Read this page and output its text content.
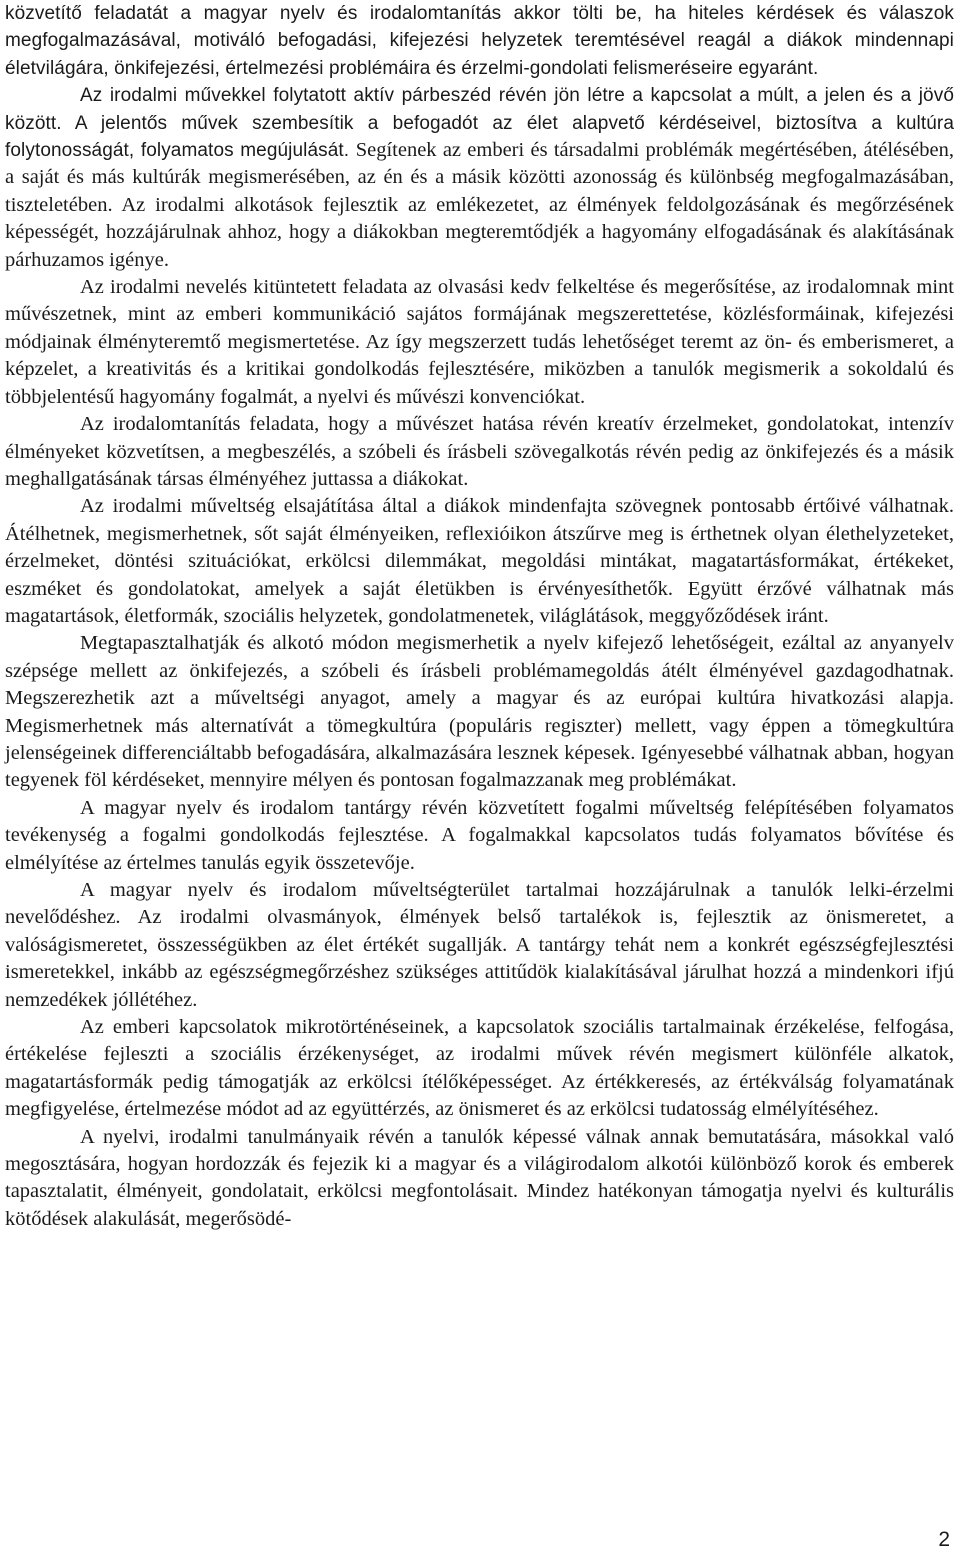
közvetítő feladatát a magyar nyelv és irodalomtanítás akkor tölti be, ha hiteles kérdések és válaszok megfogalmazásával, motiváló befogadási, kifejezési helyzetek teremtésével reagál a diákok mindennapi életvilágára, önkifejezési, értelmezési problémáira és érzelmi-gondolati felismeréseire egyaránt.

Az irodalmi művekkel folytatott aktív párbeszéd révén jön létre a kapcsolat a múlt, a jelen és a jövő között. A jelentős művek szembesítik a befogadót az élet alapvető kérdéseivel, biztosítva a kultúra folytonosságát, folyamatos megújulását. Segítenek az emberi és társadalmi problémák megértésében, átélésében, a saját és más kultúrák megismerésében, az én és a másik közötti azonosság és különbség megfogalmazásában, tiszteletében. Az irodalmi alkotások fejlesztik az emlékezetet, az élmények feldolgozásának és megőrzésének képességét, hozzájárulnak ahhoz, hogy a diákokban megteremtődjék a hagyomány elfogadásának és alakításának párhuzamos igénye.

Az irodalmi nevelés kitüntetett feladata az olvasási kedv felkeltése és megerősítése, az irodalomnak mint művészetnek, mint az emberi kommunikáció sajátos formájának megszerettetése, közlésformáinak, kifejezési módjainak élményteremtő megismertetése. Az így megszerzett tudás lehetőséget teremt az ön- és emberismeret, a képzelet, a kreativitás és a kritikai gondolkodás fejlesztésére, miközben a tanulók megismerik a sokoldalú és többjelentésű hagyomány fogalmát, a nyelvi és művészi konvenciókat.

Az irodalomtanítás feladata, hogy a művészet hatása révén kreatív érzelmeket, gondolatokat, intenzív élményeket közvetítsen, a megbeszélés, a szóbeli és írásbeli szövegalkotás révén pedig az önkifejezés és a másik meghallgatásának társas élményéhez juttassa a diákokat.

Az irodalmi műveltség elsajátítása által a diákok mindenfajta szövegnek pontosabb értőivé válhatnak. Átélhetnek, megismerhetnek, sőt saját élményeiken, reflexióikon átszűrve meg is érthetnek olyan élethelyzeteket, érzelmeket, döntési szituációkat, erkölcsi dilemmákat, megoldási mintákat, magatartásformákat, értékeket, eszméket és gondolatokat, amelyek a saját életükben is érvényesíthetők. Együtt érzővé válhatnak más magatartások, életformák, szociális helyzetek, gondolatmenetek, világlátások, meggyőződések iránt.

Megtapasztalhatják és alkotó módon megismerhetik a nyelv kifejező lehetőségeit, ezáltal az anyanyelv szépsége mellett az önkifejezés, a szóbeli és írásbeli problémamegoldás átélt élményével gazdagodhatnak. Megszerezhetik azt a műveltségi anyagot, amely a magyar és az európai kultúra hivatkozási alapja. Megismerhetnek más alternatívát a tömegkultúra (populáris regiszter) mellett, vagy éppen a tömegkultúra jelenségeinek differenciáltabb befogadására, alkalmazására lesznek képesek. Igényesebbé válhatnak abban, hogyan tegyenek föl kérdéseket, mennyire mélyen és pontosan fogalmazzanak meg problémákat.

A magyar nyelv és irodalom tantárgy révén közvetített fogalmi műveltség felépítésében folyamatos tevékenység a fogalmi gondolkodás fejlesztése. A fogalmakkal kapcsolatos tudás folyamatos bővítése és elmélyítése az értelmes tanulás egyik összetevője.

A magyar nyelv és irodalom műveltségterület tartalmai hozzájárulnak a tanulók lelki-érzelmi nevelődéshez. Az irodalmi olvasmányok, élmények belső tartalékok is, fejlesztik az önismeretet, a valóságismeretet, összességükben az élet értékét sugallják. A tantárgy tehát nem a konkrét egészségfejlesztési ismeretekkel, inkább az egészségmegőrzéshez szükséges attitűdök kialakításával járulhat hozzá a mindenkori ifjú nemzedékek jóllétéhez.

Az emberi kapcsolatok mikrotörténéseinek, a kapcsolatok szociális tartalmainak érzékelése, felfogása, értékelése fejleszti a szociális érzékenységet, az irodalmi művek révén megismert különféle alkatok, magatartásformák pedig támogatják az erkölcsi ítélőképességet. Az értékkeresés, az értékválság folyamatának megfigyelése, értelmezése módot ad az együttérzés, az önismeret és az erkölcsi tudatosság elmélyítéséhez.

A nyelvi, irodalmi tanulmányaik révén a tanulók képessé válnak annak bemutatására, másokkal való megosztására, hogyan hordozzák és fejezik ki a magyar és a világirodalom alkotói különböző korok és emberek tapasztalatit, élményeit, gondolatait, erkölcsi megfontolásait. Mindez hatékonyan támogatja nyelvi és kulturális kötődések alakulását, megerősödé-

2
